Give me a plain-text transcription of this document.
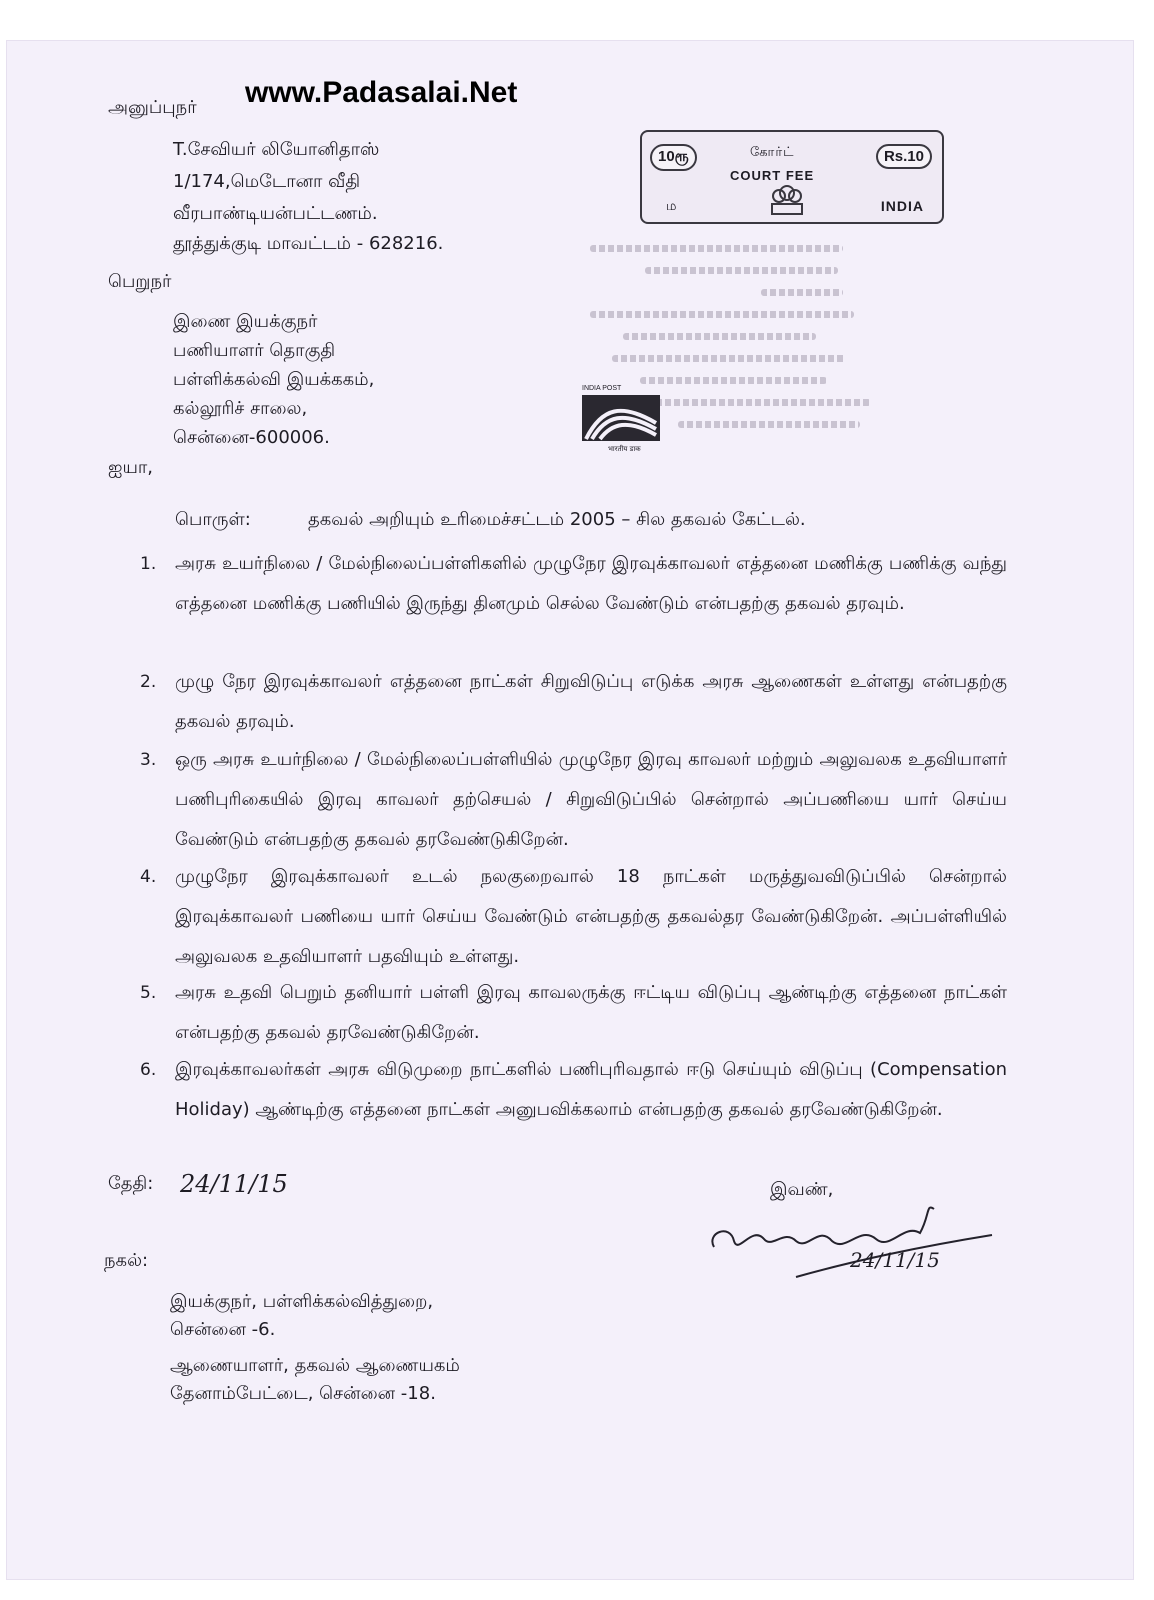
அனுப்புநர் www.Padasalai.Net
T.சேவியர் லியோனிதாஸ்
1/174,மெடோனா வீதி
வீரபாண்டியன்பட்டணம்.
தூத்துக்குடி மாவட்டம் - 628216.
10ரூ	Rs.10
கோர்ட்
COURT FEE
INDIA
ம
INDIA POST
भारतीय डाक
பெறுநர்
இணை இயக்குநர்
பணியாளர் தொகுதி
பள்ளிக்கல்வி இயக்ககம்,
கல்லூரிச் சாலை,
சென்னை-600006.
ஐயா,
பொருள்:	தகவல் அறியும் உரிமைச்சட்டம் 2005 – சில தகவல் கேட்டல்.
1. அரசு உயர்நிலை / மேல்நிலைப்பள்ளிகளில் முழுநேர இரவுக்காவலர் எத்தனை மணிக்கு பணிக்கு வந்து எத்தனை மணிக்கு பணியில் இருந்து தினமும் செல்ல வேண்டும் என்பதற்கு தகவல் தரவும்.
2. முழு நேர இரவுக்காவலர் எத்தனை நாட்கள் சிறுவிடுப்பு எடுக்க அரசு ஆணைகள் உள்ளது என்பதற்கு தகவல் தரவும்.
3. ஒரு அரசு உயர்நிலை / மேல்நிலைப்பள்ளியில் முழுநேர இரவு காவலர் மற்றும் அலுவலக உதவியாளர் பணிபுரிகையில் இரவு காவலர் தற்செயல் / சிறுவிடுப்பில் சென்றால் அப்பணியை யார் செய்ய வேண்டும் என்பதற்கு தகவல் தரவேண்டுகிறேன்.
4. முழுநேர இரவுக்காவலர் உடல் நலகுறைவால் 18 நாட்கள் மருத்துவவிடுப்பில் சென்றால் இரவுக்காவலர் பணியை யார் செய்ய வேண்டும் என்பதற்கு தகவல்தர வேண்டுகிறேன். அப்பள்ளியில் அலுவலக உதவியாளர் பதவியும் உள்ளது.
5. அரசு உதவி பெறும் தனியார் பள்ளி இரவு காவலருக்கு ஈட்டிய விடுப்பு ஆண்டிற்கு எத்தனை நாட்கள் என்பதற்கு தகவல் தரவேண்டுகிறேன்.
6. இரவுக்காவலர்கள் அரசு விடுமுறை நாட்களில் பணிபுரிவதால் ஈடு செய்யும் விடுப்பு (Compensation Holiday) ஆண்டிற்கு எத்தனை நாட்கள் அனுபவிக்கலாம் என்பதற்கு தகவல் தரவேண்டுகிறேன்.
தேதி: 24/11/15	இவண்,
24/11/15
நகல்:
இயக்குநர், பள்ளிக்கல்வித்துறை,
சென்னை -6.
ஆணையாளர், தகவல் ஆணையகம்
தேனாம்பேட்டை, சென்னை -18.
